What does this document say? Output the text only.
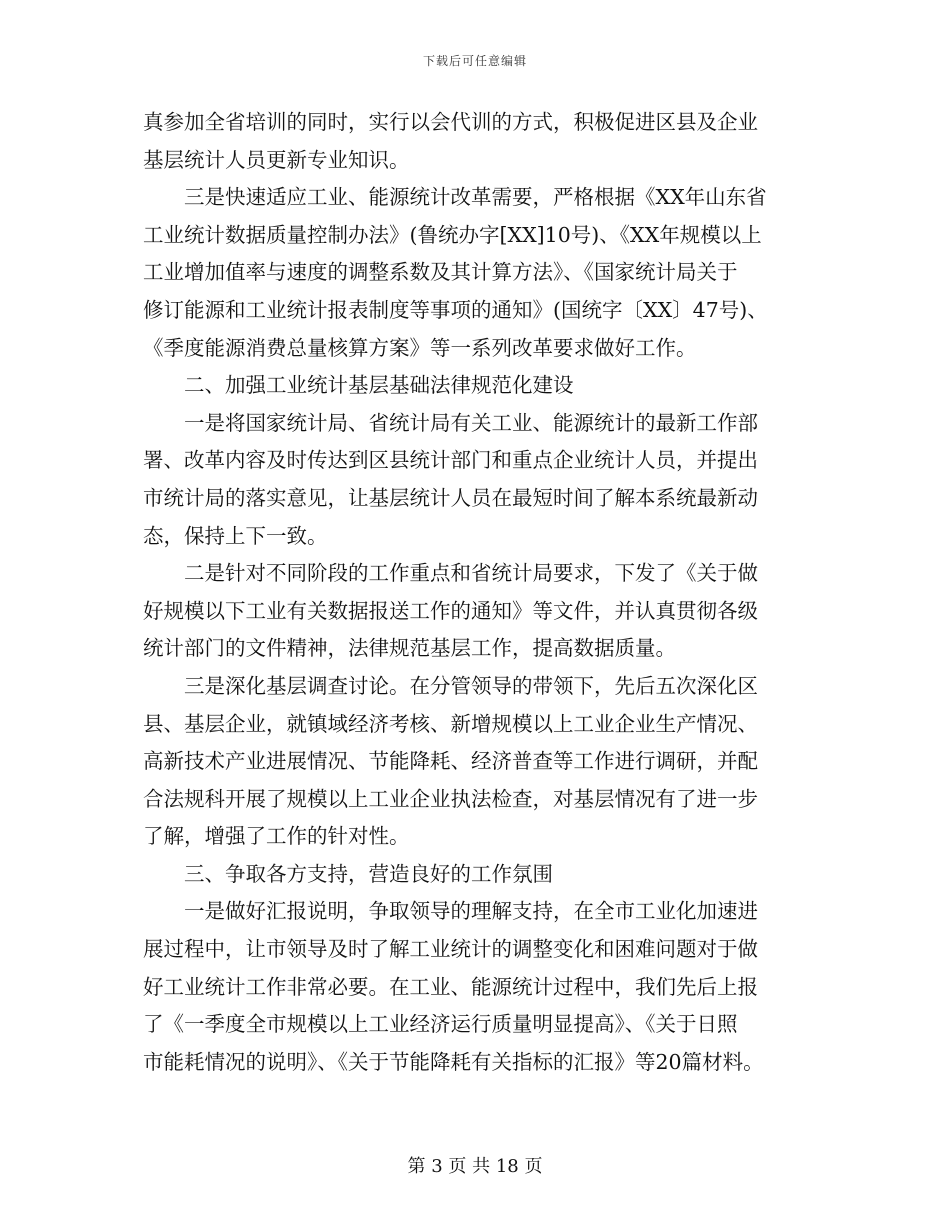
下载后可任意编辑

真参加全省培训的同时，实行以会代训的方式，积极促进区县及企业
基层统计人员更新专业知识。

　　三是快速适应工业、能源统计改革需要，严格根据《XX年山东省
工业统计数据质量控制办法》(鲁统办字[XX]10号)、《XX年规模以上
工业增加值率与速度的调整系数及其计算方法》、《国家统计局关于
修订能源和工业统计报表制度等事项的通知》(国统字〔XX〕47号)、
《季度能源消费总量核算方案》等一系列改革要求做好工作。

　　二、加强工业统计基层基础法律规范化建设

　　一是将国家统计局、省统计局有关工业、能源统计的最新工作部
署、改革内容及时传达到区县统计部门和重点企业统计人员，并提出
市统计局的落实意见，让基层统计人员在最短时间了解本系统最新动
态，保持上下一致。

　　二是针对不同阶段的工作重点和省统计局要求，下发了《关于做
好规模以下工业有关数据报送工作的通知》等文件，并认真贯彻各级
统计部门的文件精神，法律规范基层工作，提高数据质量。

　　三是深化基层调查讨论。在分管领导的带领下，先后五次深化区
县、基层企业，就镇域经济考核、新增规模以上工业企业生产情况、
高新技术产业进展情况、节能降耗、经济普查等工作进行调研，并配
合法规科开展了规模以上工业企业执法检查，对基层情况有了进一步
了解，增强了工作的针对性。

　　三、争取各方支持，营造良好的工作氛围

　　一是做好汇报说明，争取领导的理解支持，在全市工业化加速进
展过程中，让市领导及时了解工业统计的调整变化和困难问题对于做
好工业统计工作非常必要。在工业、能源统计过程中，我们先后上报
了《一季度全市规模以上工业经济运行质量明显提高》、《关于日照
市能耗情况的说明》、《关于节能降耗有关指标的汇报》等20篇材料。

第 3 页 共 18 页
